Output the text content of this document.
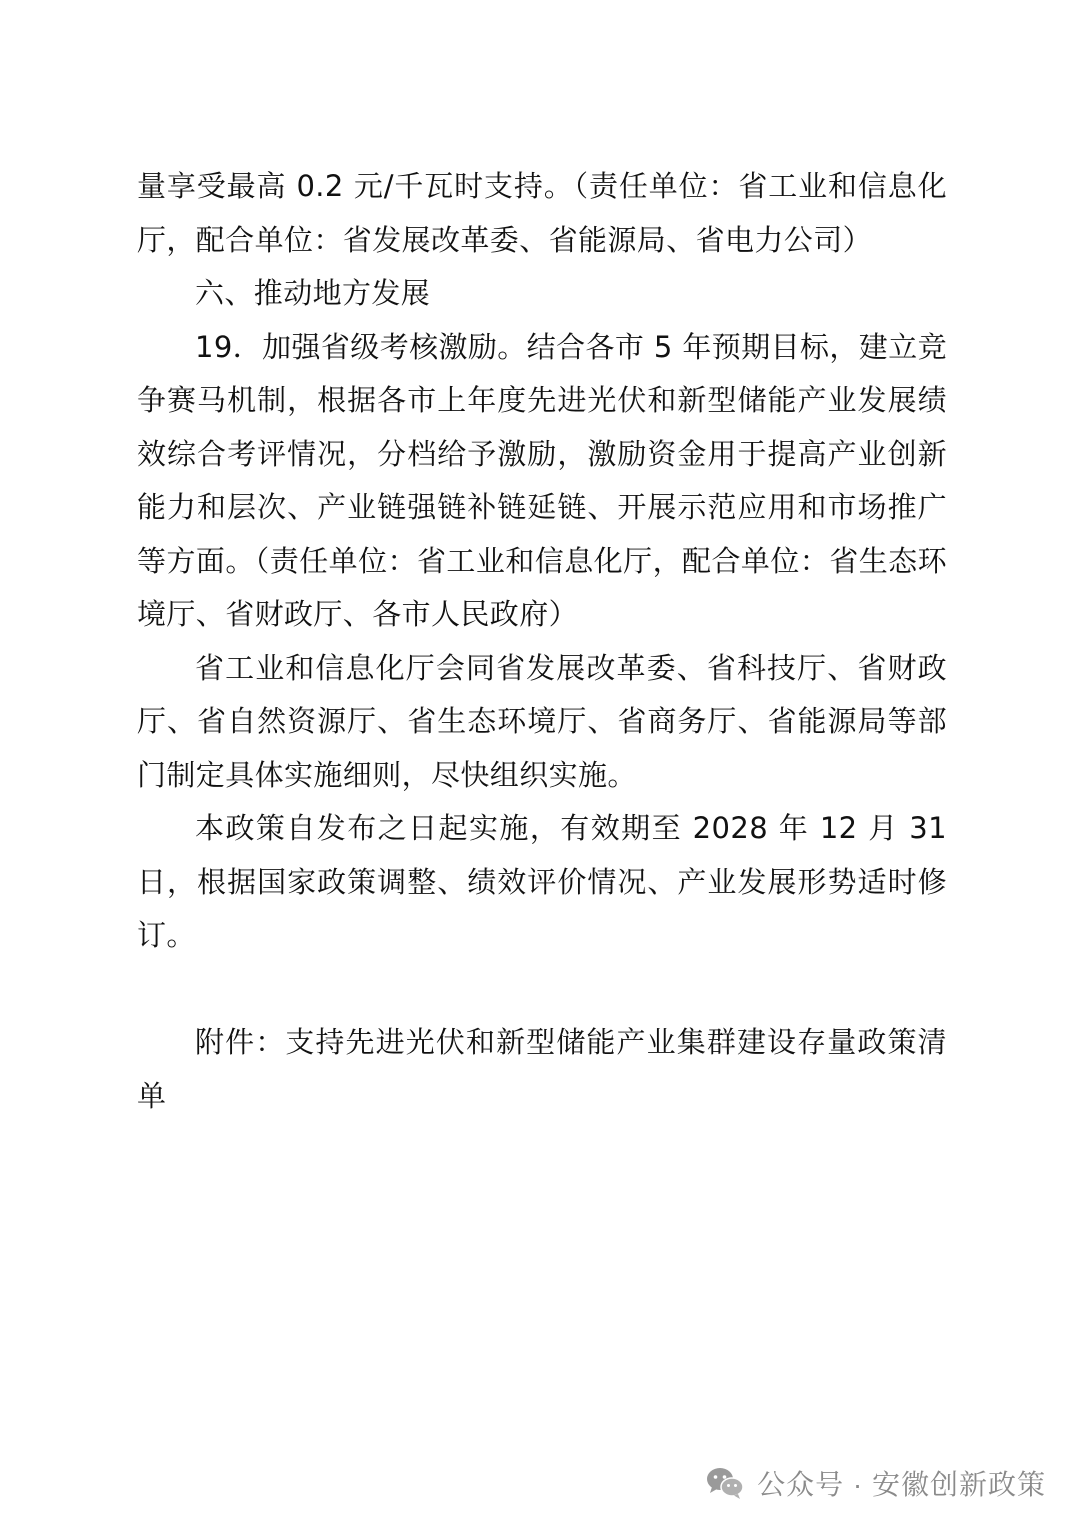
量享受最高 0.2 元/千瓦时支持。（责任单位：省工业和信息化厅，配合单位：省发展改革委、省能源局、省电力公司）

六、推动地方发展

19．加强省级考核激励。结合各市 5 年预期目标，建立竞争赛马机制，根据各市上年度先进光伏和新型储能产业发展绩效综合考评情况，分档给予激励，激励资金用于提高产业创新能力和层次、产业链强链补链延链、开展示范应用和市场推广等方面。（责任单位：省工业和信息化厅，配合单位：省生态环境厅、省财政厅、各市人民政府）

省工业和信息化厅会同省发展改革委、省科技厅、省财政厅、省自然资源厅、省生态环境厅、省商务厅、省能源局等部门制定具体实施细则，尽快组织实施。

本政策自发布之日起实施，有效期至 2028 年 12 月 31 日，根据国家政策调整、绩效评价情况、产业发展形势适时修订。

附件：支持先进光伏和新型储能产业集群建设存量政策清单

公众号 · 安徽创新政策
